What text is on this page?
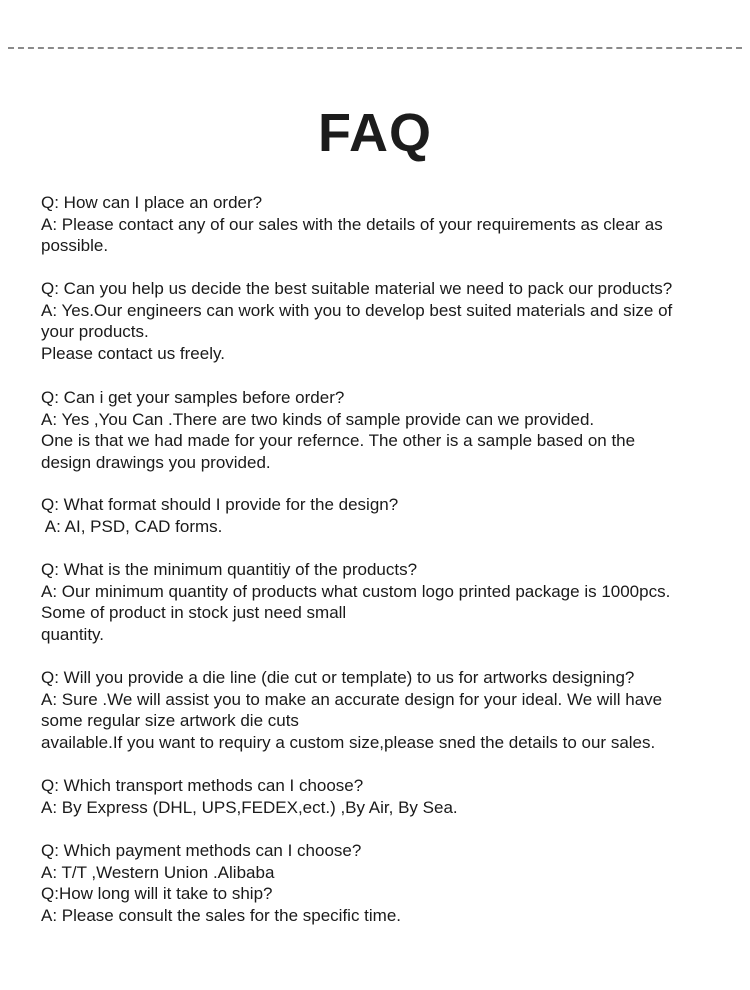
FAQ
Q: How can I place an order?
A: Please contact any of our sales with the details of your requirements as clear as
possible.
Q: Can you help us decide the best suitable material we need to pack our products?
A: Yes.Our engineers can work with you to develop best suited materials and size of
your products.
Please contact us freely.
Q: Can i get your samples before order?
A: Yes ,You Can .There are two kinds of sample provide can we provided.
One is that we had made for your refernce. The other is a sample based on the
design drawings you provided.
Q: What format should I provide for the design?
A: AI, PSD, CAD forms.
Q: What is the minimum quantitiy of the products?
A: Our minimum quantity of products what custom logo printed package is 1000pcs.
Some of product in stock just need small
quantity.
Q: Will you provide a die line (die cut or template) to us for artworks designing?
A: Sure .We will assist you to make an accurate design for your ideal. We will have
some regular size artwork die cuts
available.If you want to requiry a custom size,please sned the details to our sales.
Q: Which transport methods can I choose?
A: By Express (DHL, UPS,FEDEX,ect.) ,By Air, By Sea.
Q: Which payment methods can I choose?
A: T/T ,Western Union .Alibaba
Q:How long will it take to ship?
A: Please consult the sales for the specific time.
